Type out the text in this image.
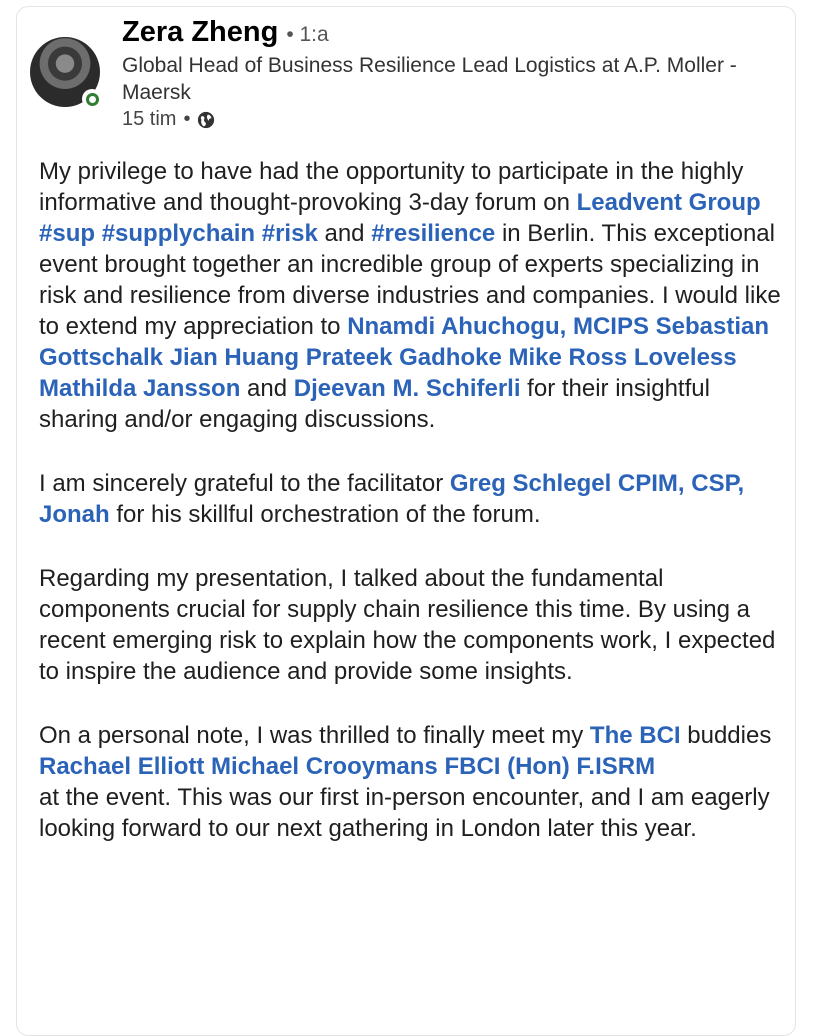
Zera Zheng • 1:a
Global Head of Business Resilience Lead Logistics at A.P. Moller - Maersk
15 tim •

My privilege to have had the opportunity to participate in the highly informative and thought-provoking 3-day forum on Leadvent Group #sup #supplychain #risk and #resilience in Berlin. This exceptional event brought together an incredible group of experts specializing in risk and resilience from diverse industries and companies. I would like to extend my appreciation to Nnamdi Ahuchogu, MCIPS Sebastian Gottschalk Jian Huang Prateek Gadhoke Mike Ross Loveless Mathilda Jansson and Djeevan M. Schiferli for their insightful sharing and/or engaging discussions.

I am sincerely grateful to the facilitator Greg Schlegel CPIM, CSP, Jonah for his skillful orchestration of the forum.

Regarding my presentation, I talked about the fundamental components crucial for supply chain resilience this time. By using a recent emerging risk to explain how the components work, I expected to inspire the audience and provide some insights.

On a personal note, I was thrilled to finally meet my The BCI buddies Rachael Elliott Michael Crooymans FBCI (Hon) F.ISRM
at the event. This was our first in-person encounter, and I am eagerly looking forward to our next gathering in London later this year.
